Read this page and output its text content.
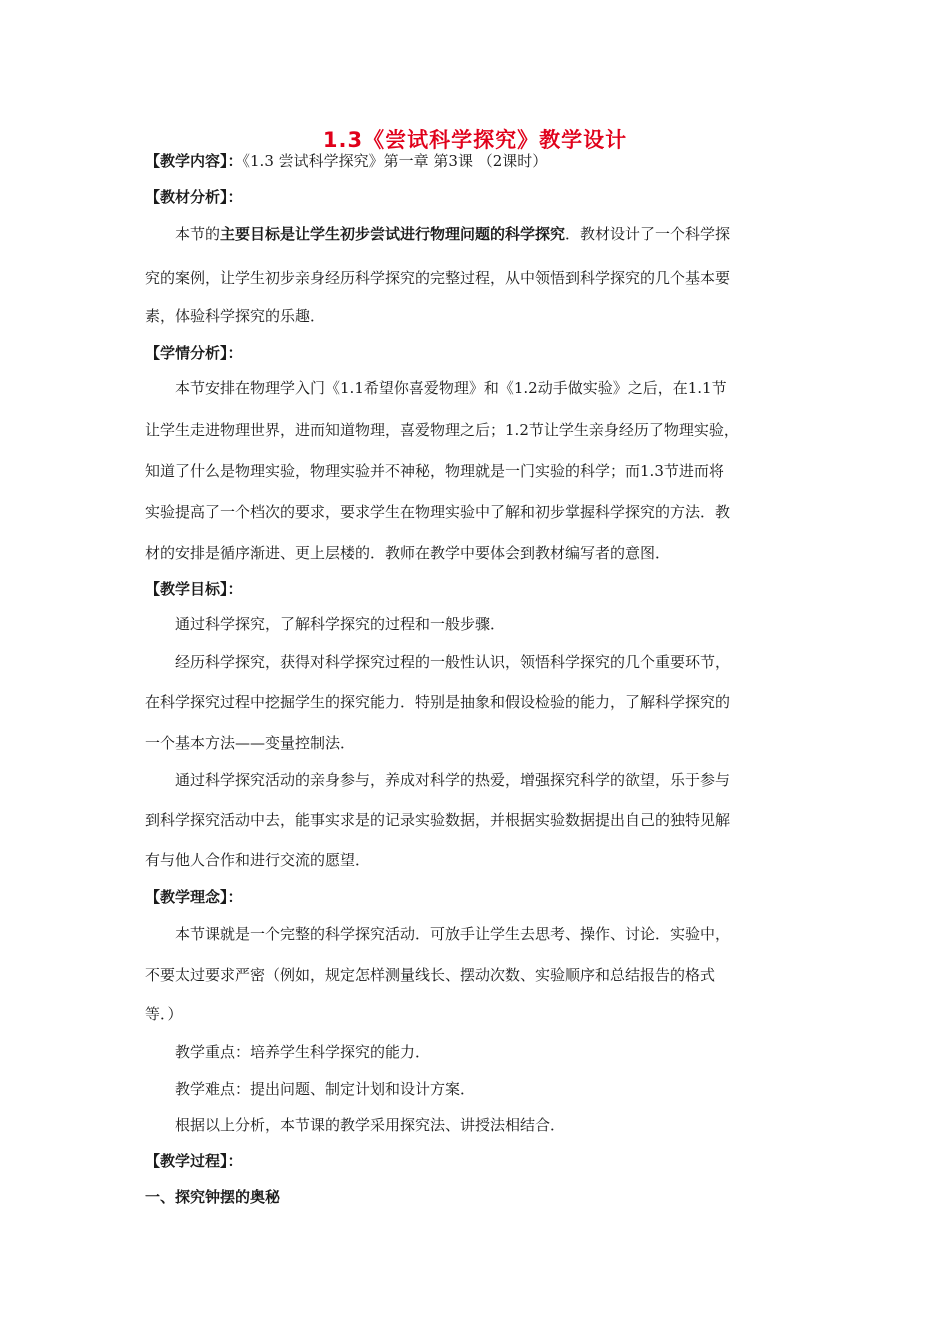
1.3《尝试科学探究》教学设计
【教学内容】：《1.3 尝试科学探究》第一章 第3课 （2课时）
【教材分析】：
本节的主要目标是让学生初步尝试进行物理问题的科学探究．教材设计了一个科学探
究的案例，让学生初步亲身经历科学探究的完整过程，从中领悟到科学探究的几个基本要
素，体验科学探究的乐趣．
【学情分析】：
本节安排在物理学入门《1.1希望你喜爱物理》和《1.2动手做实验》之后，在1.1节
让学生走进物理世界，进而知道物理，喜爱物理之后；1.2节让学生亲身经历了物理实验，
知道了什么是物理实验，物理实验并不神秘，物理就是一门实验的科学；而1.3节进而将
实验提高了一个档次的要求，要求学生在物理实验中了解和初步掌握科学探究的方法．教
材的安排是循序渐进、更上层楼的．教师在教学中要体会到教材编写者的意图．
【教学目标】：
通过科学探究，了解科学探究的过程和一般步骤．
经历科学探究，获得对科学探究过程的一般性认识，领悟科学探究的几个重要环节，
在科学探究过程中挖掘学生的探究能力．特别是抽象和假设检验的能力，了解科学探究的
一个基本方法——变量控制法．
通过科学探究活动的亲身参与，养成对科学的热爱，增强探究科学的欲望，乐于参与
到科学探究活动中去，能事实求是的记录实验数据，并根据实验数据提出自己的独特见解
有与他人合作和进行交流的愿望．
【教学理念】：
本节课就是一个完整的科学探究活动．可放手让学生去思考、操作、讨论．实验中，
不要太过要求严密（例如，规定怎样测量线长、摆动次数、实验顺序和总结报告的格式
等．）
教学重点：培养学生科学探究的能力．
教学难点：提出问题、制定计划和设计方案．
根据以上分析，本节课的教学采用探究法、讲授法相结合．
【教学过程】：
一、探究钟摆的奥秘
